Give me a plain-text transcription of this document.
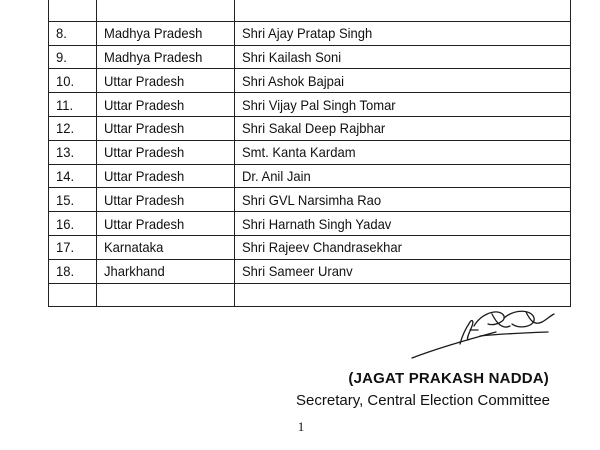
8.	Madhya Pradesh	Shri Ajay Pratap Singh
9.	Madhya Pradesh	Shri Kailash Soni
10.	Uttar Pradesh	Shri Ashok Bajpai
11.	Uttar Pradesh	Shri Vijay Pal Singh Tomar
12.	Uttar Pradesh	Shri Sakal Deep Rajbhar
13.	Uttar Pradesh	Smt. Kanta Kardam
14.	Uttar Pradesh	Dr. Anil Jain
15.	Uttar Pradesh	Shri GVL Narsimha Rao
16.	Uttar Pradesh	Shri Harnath Singh Yadav
17.	Karnataka	Shri Rajeev Chandrasekhar
18.	Jharkhand	Shri Sameer Uranv

(JAGAT PRAKASH NADDA)
Secretary, Central Election Committee
1
